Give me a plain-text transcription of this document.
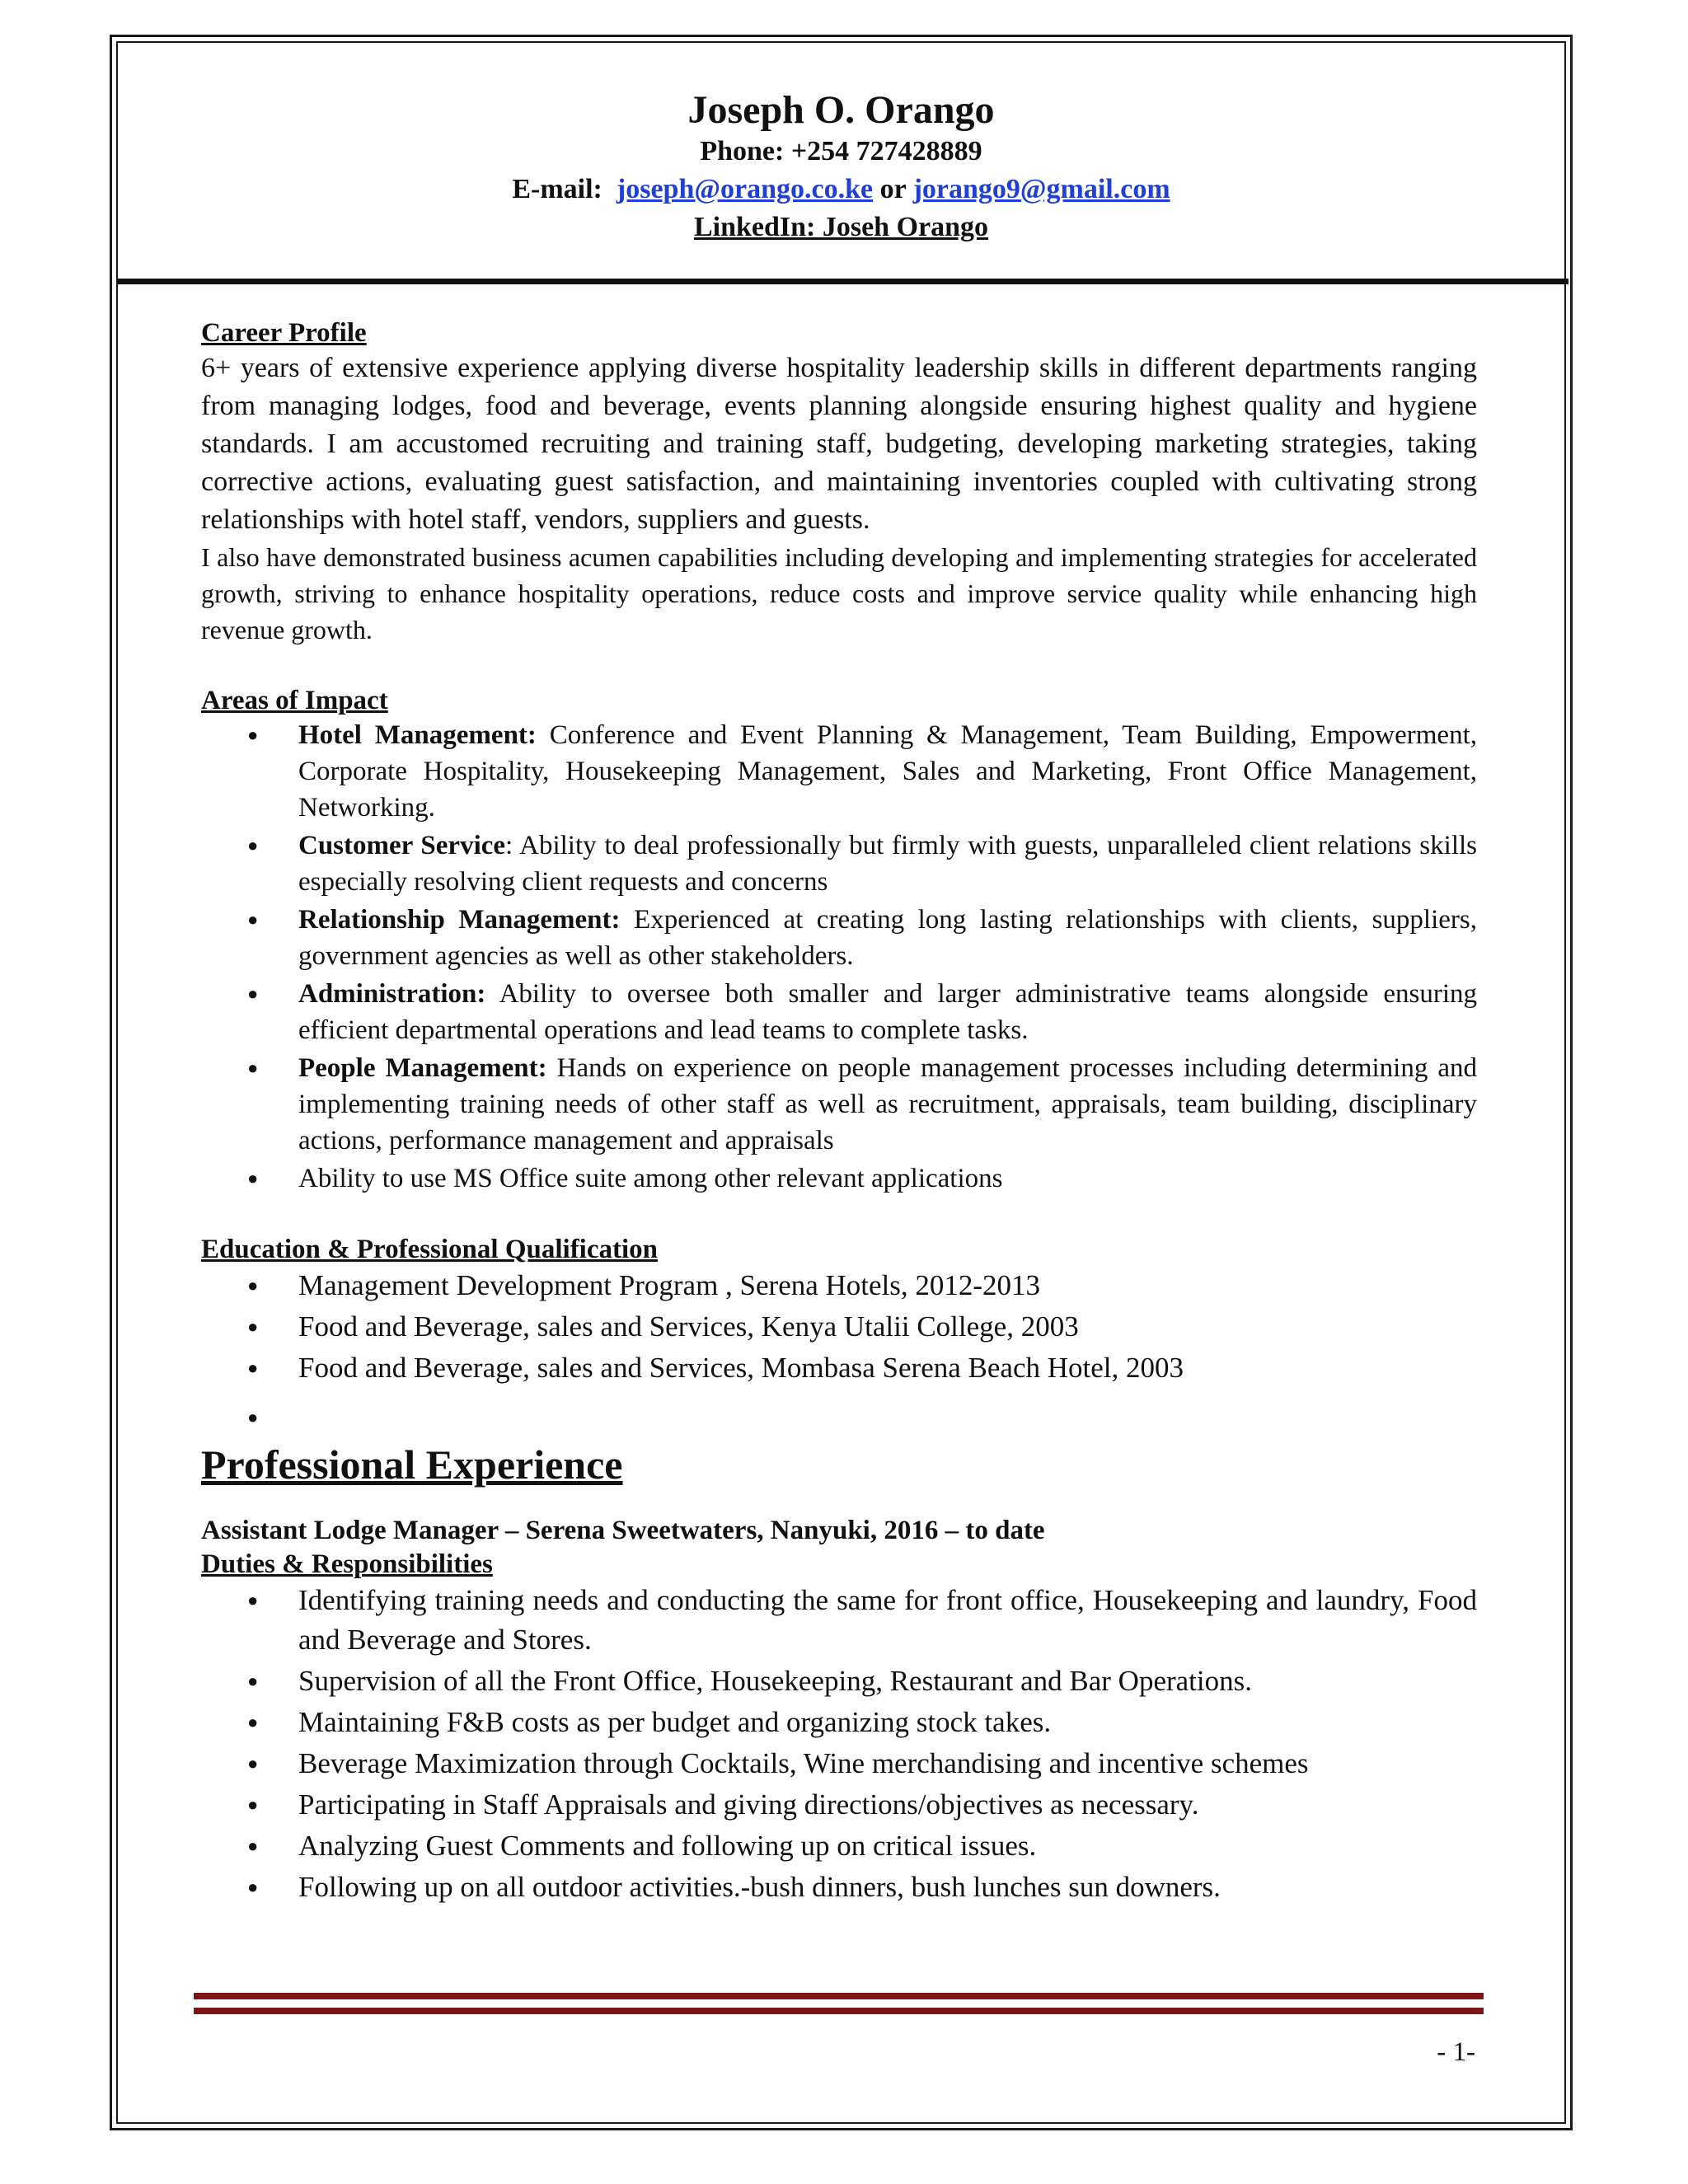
Joseph O. Orango
Phone: +254 727428889
E-mail: joseph@orango.co.ke or jorango9@gmail.com
LinkedIn: Joseh Orango
Career Profile

6+ years of extensive experience applying diverse hospitality leadership skills in different departments ranging from managing lodges, food and beverage, events planning alongside ensuring highest quality and hygiene standards. I am accustomed recruiting and training staff, budgeting, developing marketing strategies, taking corrective actions, evaluating guest satisfaction, and maintaining inventories coupled with cultivating strong relationships with hotel staff, vendors, suppliers and guests.

I also have demonstrated business acumen capabilities including developing and implementing strategies for accelerated growth, striving to enhance hospitality operations, reduce costs and improve service quality while enhancing high revenue growth.

Areas of Impact
● Hotel Management: Conference and Event Planning & Management, Team Building, Empowerment, Corporate Hospitality, Housekeeping Management, Sales and Marketing, Front Office Management, Networking.
● Customer Service: Ability to deal professionally but firmly with guests, unparalleled client relations skills especially resolving client requests and concerns
● Relationship Management: Experienced at creating long lasting relationships with clients, suppliers, government agencies as well as other stakeholders.
● Administration: Ability to oversee both smaller and larger administrative teams alongside ensuring efficient departmental operations and lead teams to complete tasks.
● People Management: Hands on experience on people management processes including determining and implementing training needs of other staff as well as recruitment, appraisals, team building, disciplinary actions, performance management and appraisals
● Ability to use MS Office suite among other relevant applications
Education & Professional Qualification
● Management Development Program , Serena Hotels, 2012-2013
● Food and Beverage, sales and Services, Kenya Utalii College, 2003
● Food and Beverage, sales and Services, Mombasa Serena Beach Hotel, 2003
●
Professional Experience

Assistant Lodge Manager – Serena Sweetwaters, Nanyuki, 2016 – to date

Duties & Responsibilities
● Identifying training needs and conducting the same for front office, Housekeeping and laundry, Food and Beverage and Stores.
● Supervision of all the Front Office, Housekeeping, Restaurant and Bar Operations.
● Maintaining F&B costs as per budget and organizing stock takes.
● Beverage Maximization through Cocktails, Wine merchandising and incentive schemes
● Participating in Staff Appraisals and giving directions/objectives as necessary.
● Analyzing Guest Comments and following up on critical issues.
● Following up on all outdoor activities.-bush dinners, bush lunches sun downers.
- 1-
